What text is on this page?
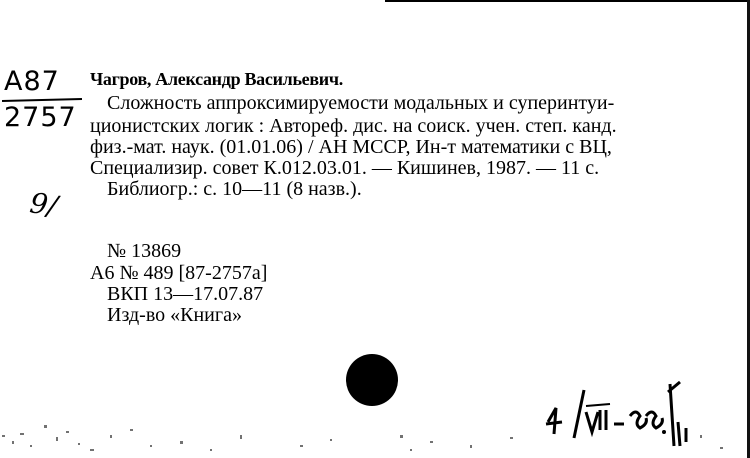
А87
2757
9/
Чагров, Александр Васильевич.
Сложность аппроксимируемости модальных и суперинтуи-
ционистских логик : Автореф. дис. на соиск. учен. степ. канд.
физ.-мат. наук. (01.01.06) / АН МССР, Ин-т математики с ВЦ,
Специализир. совет К.012.03.01. — Кишинев, 1987. — 11 с.
Библиогр.: с. 10—11 (8 назв.).
№ 13869
А6 № 489 [87-2757а]
ВКП 13—17.07.87
Изд-во «Книга»
